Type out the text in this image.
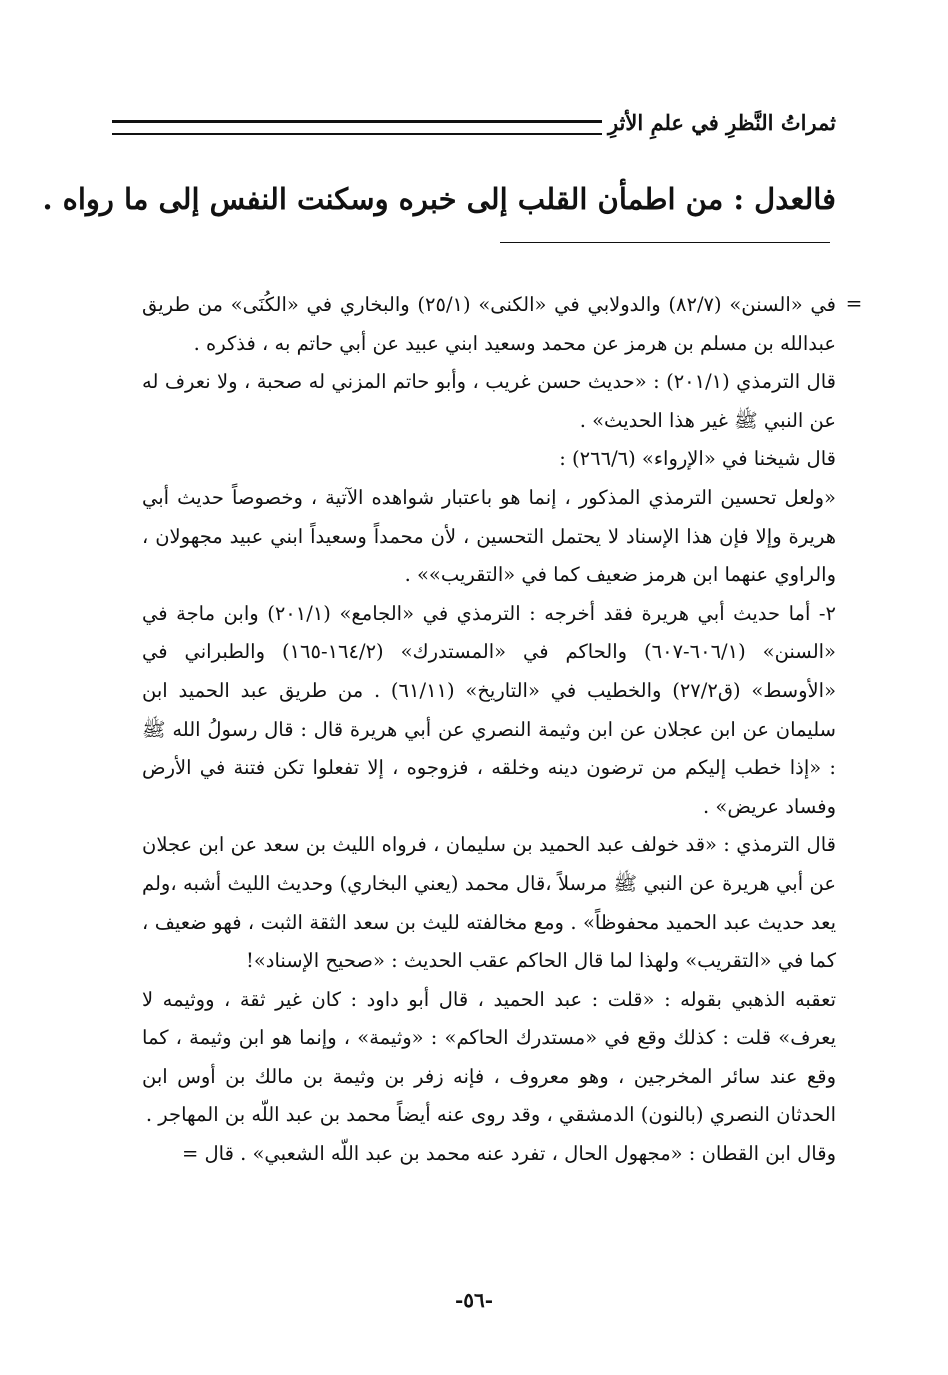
ثمراتُ النَّظرِ في علمِ الأثرِ
فالعدل : من اطمأن القلب إلى خبره وسكنت النفس إلى ما رواه .
=

في «السنن» (٨٢/٧) والدولابي في «الكنى» (٢٥/١) والبخاري في «الكُنَى» من طريق عبدالله بن مسلم بن هرمز عن محمد وسعيد ابني عبيد عن أبي حاتم به ، فذكره .

قال الترمذي (٢٠١/١) : «حديث حسن غريب ، وأبو حاتم المزني له صحبة ، ولا نعرف له عن النبي ﷺ غير هذا الحديث» .

قال شيخنا في «الإرواء» (٢٦٦/٦) :

«ولعل تحسين الترمذي المذكور ، إنما هو باعتبار شواهده الآتية ، وخصوصاً حديث أبي هريرة وإلا فإن هذا الإسناد لا يحتمل التحسين ، لأن محمداً وسعيداً ابني عبيد مجهولان ، والراوي عنهما ابن هرمز ضعيف كما في «التقريب»» .

٢- أما حديث أبي هريرة فقد أخرجه : الترمذي في «الجامع» (٢٠١/١) وابن ماجة في «السنن» (٦٠٦/١-٦٠٧) والحاكم في «المستدرك» (١٦٤/٢-١٦٥) والطبراني في «الأوسط» (ق٢٧/٢) والخطيب في «التاريخ» (٦١/١١) . من طريق عبد الحميد ابن سليمان عن ابن عجلان عن ابن وثيمة النصري عن أبي هريرة قال : قال رسولُ الله ﷺ : «إذا خطب إليكم من ترضون دينه وخلقه ، فزوجوه ، إلا تفعلوا تكن فتنة في الأرض وفساد عريض» .

قال الترمذي : «قد خولف عبد الحميد بن سليمان ، فرواه الليث بن سعد عن ابن عجلان عن أبي هريرة عن النبي ﷺ مرسلاً ،قال محمد (يعني البخاري) وحديث الليث أشبه ،ولم يعد حديث عبد الحميد محفوظاً» . ومع مخالفته لليث بن سعد الثقة الثبت ، فهو ضعيف ، كما في «التقريب» ولهذا لما قال الحاكم عقب الحديث : «صحيح الإسناد»!

تعقبه الذهبي بقوله : «قلت : عبد الحميد ، قال أبو داود : كان غير ثقة ، ووثيمه لا يعرف» قلت : كذلك وقع في «مستدرك الحاكم» : «وثيمة» ، وإنما هو ابن وثيمة ، كما وقع عند سائر المخرجين ، وهو معروف ، فإنه زفر بن وثيمة بن مالك بن أوس ابن الحدثان النصري (بالنون) الدمشقي ، وقد روى عنه أيضاً محمد بن عبد اللّه بن المهاجر .

وقال ابن القطان : «مجهول الحال ، تفرد عنه محمد بن عبد اللّه الشعبي» . قال =

-٥٦-
